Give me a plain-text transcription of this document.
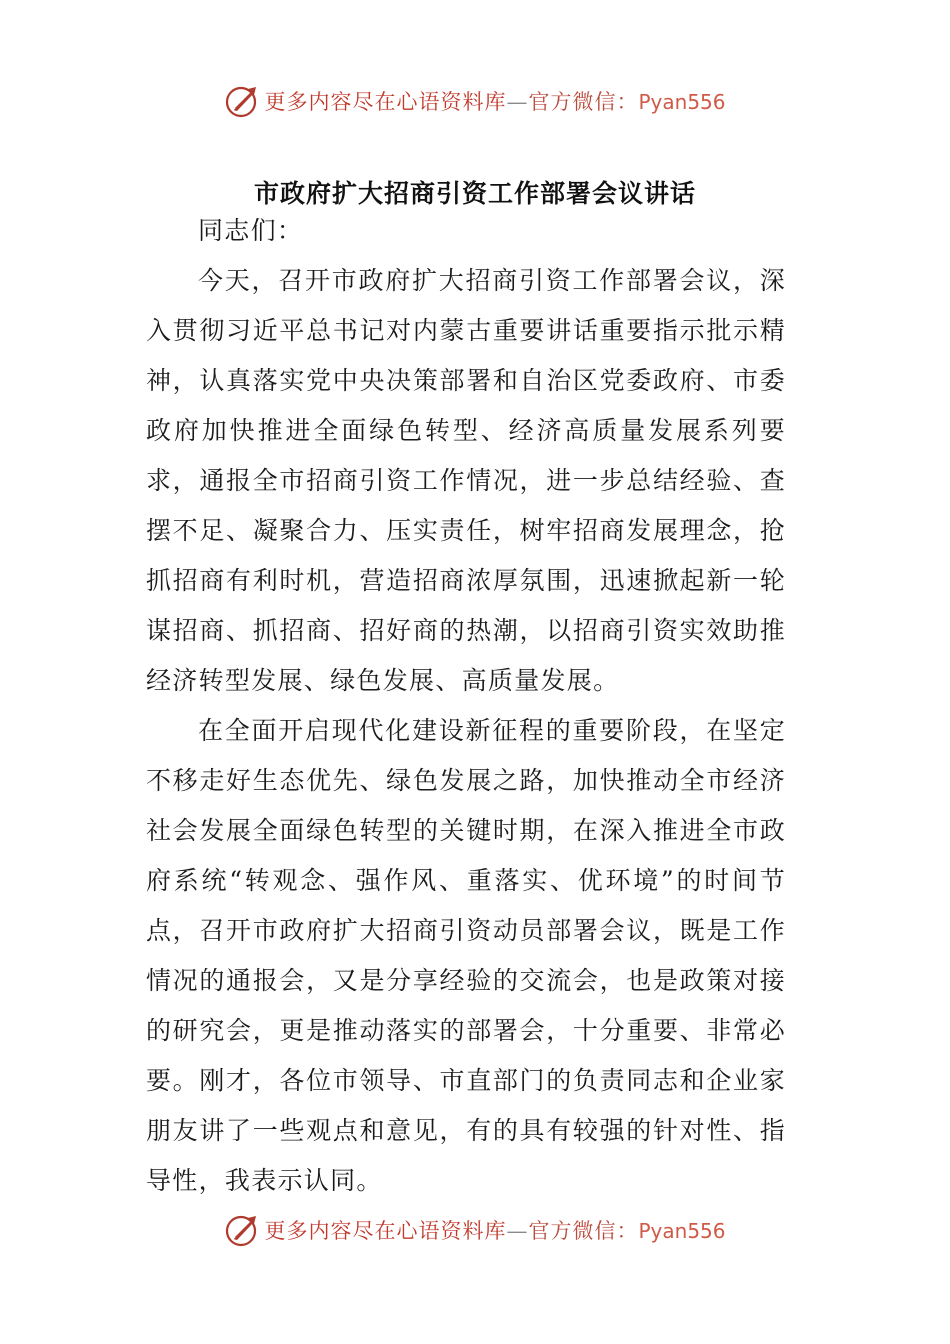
更多内容尽在心语资料库—官方微信：Pyan556
市政府扩大招商引资工作部署会议讲话

同志们：

今天，召开市政府扩大招商引资工作部署会议，深入贯彻习近平总书记对内蒙古重要讲话重要指示批示精神，认真落实党中央决策部署和自治区党委政府、市委政府加快推进全面绿色转型、经济高质量发展系列要求，通报全市招商引资工作情况，进一步总结经验、查摆不足、凝聚合力、压实责任，树牢招商发展理念，抢抓招商有利时机，营造招商浓厚氛围，迅速掀起新一轮谋招商、抓招商、招好商的热潮，以招商引资实效助推经济转型发展、绿色发展、高质量发展。

在全面开启现代化建设新征程的重要阶段，在坚定不移走好生态优先、绿色发展之路，加快推动全市经济社会发展全面绿色转型的关键时期，在深入推进全市政府系统“转观念、强作风、重落实、优环境”的时间节点，召开市政府扩大招商引资动员部署会议，既是工作情况的通报会，又是分享经验的交流会，也是政策对接的研究会，更是推动落实的部署会，十分重要、非常必要。刚才，各位市领导、市直部门的负责同志和企业家朋友讲了一些观点和意见，有的具有较强的针对性、指导性，我表示认同。

更多内容尽在心语资料库—官方微信：Pyan556
